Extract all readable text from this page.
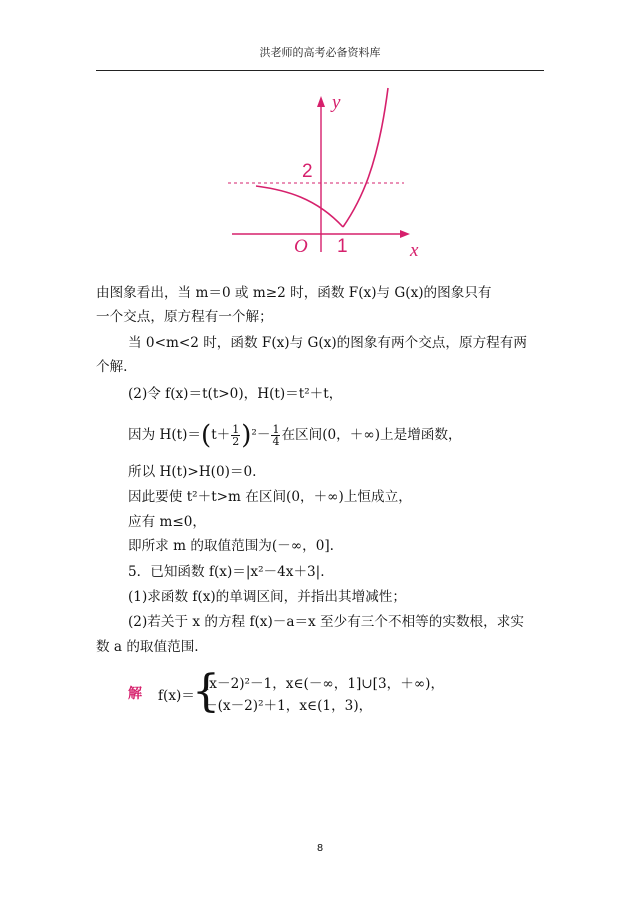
洪老师的高考必备资料库
y
x
O 1
2
由图象看出，当 m＝0 或 m≥2 时，函数 F(x)与 G(x)的图象只有
一个交点，原方程有一个解；
当 0<m<2 时，函数 F(x)与 G(x)的图象有两个交点，原方程有两
个解.
(2)令 f(x)＝t(t>0)，H(t)＝t²＋t，
因为 $H(t)=(t+ \frac{1}{2} )^2- \frac{1}{4}$ 在区间(0，＋∞)上是增函数，
所以 H(t)>H(0)＝0.
因此要使 t²＋t>m 在区间(0，＋∞)上恒成立，
应有 m≤0，
即所求 m 的取值范围为(－∞，0].
5．已知函数 f(x)＝|x²－4x＋3|.
(1)求函数 f(x)的单调区间，并指出其增减性；
(2)若关于 x 的方程 f(x)－a＝x 至少有三个不相等的实数根，求实
数 a 的取值范围.
解 f(x)＝
{
(x－2)²－1，x∈(－∞，1]∪[3，＋∞)，
－(x－2)²＋1，x∈(1，3)，
8
